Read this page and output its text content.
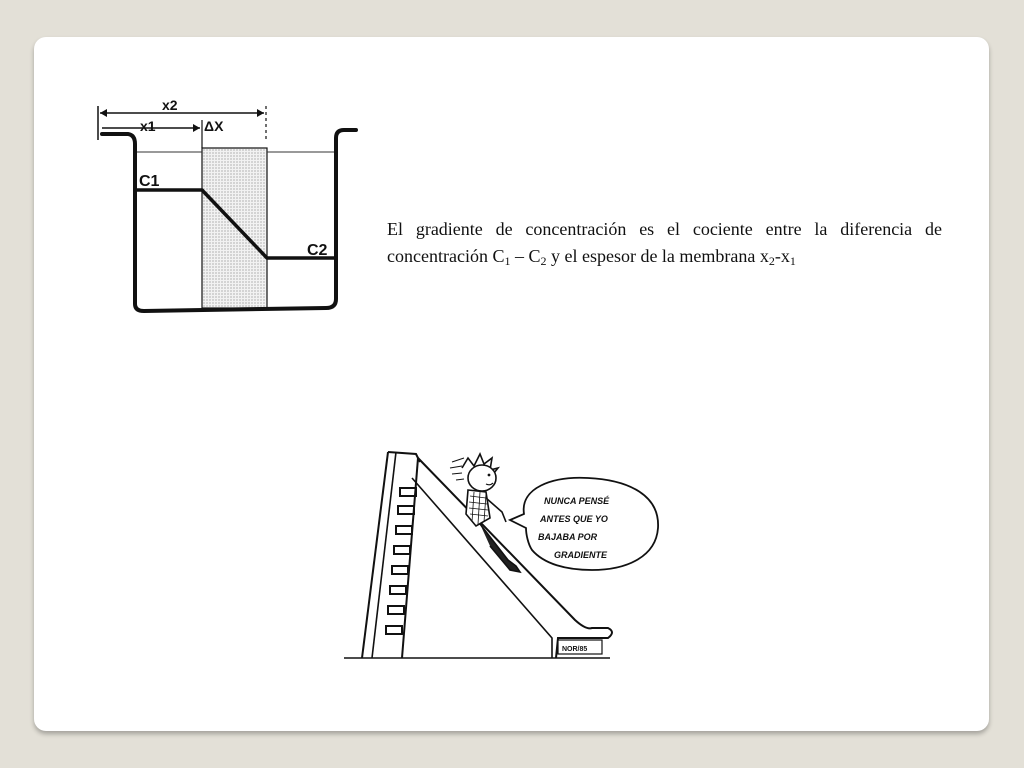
x2
x1	ΔX
C1
C2
El gradiente de concentración es el cociente entre la diferencia de concentración $C_1 - C_2$ y el espesor de la membrana $x_2-x_1$
NOR/85
NUNCA PENSÉ
ANTES QUE YO
BAJABA POR
GRADIENTE
